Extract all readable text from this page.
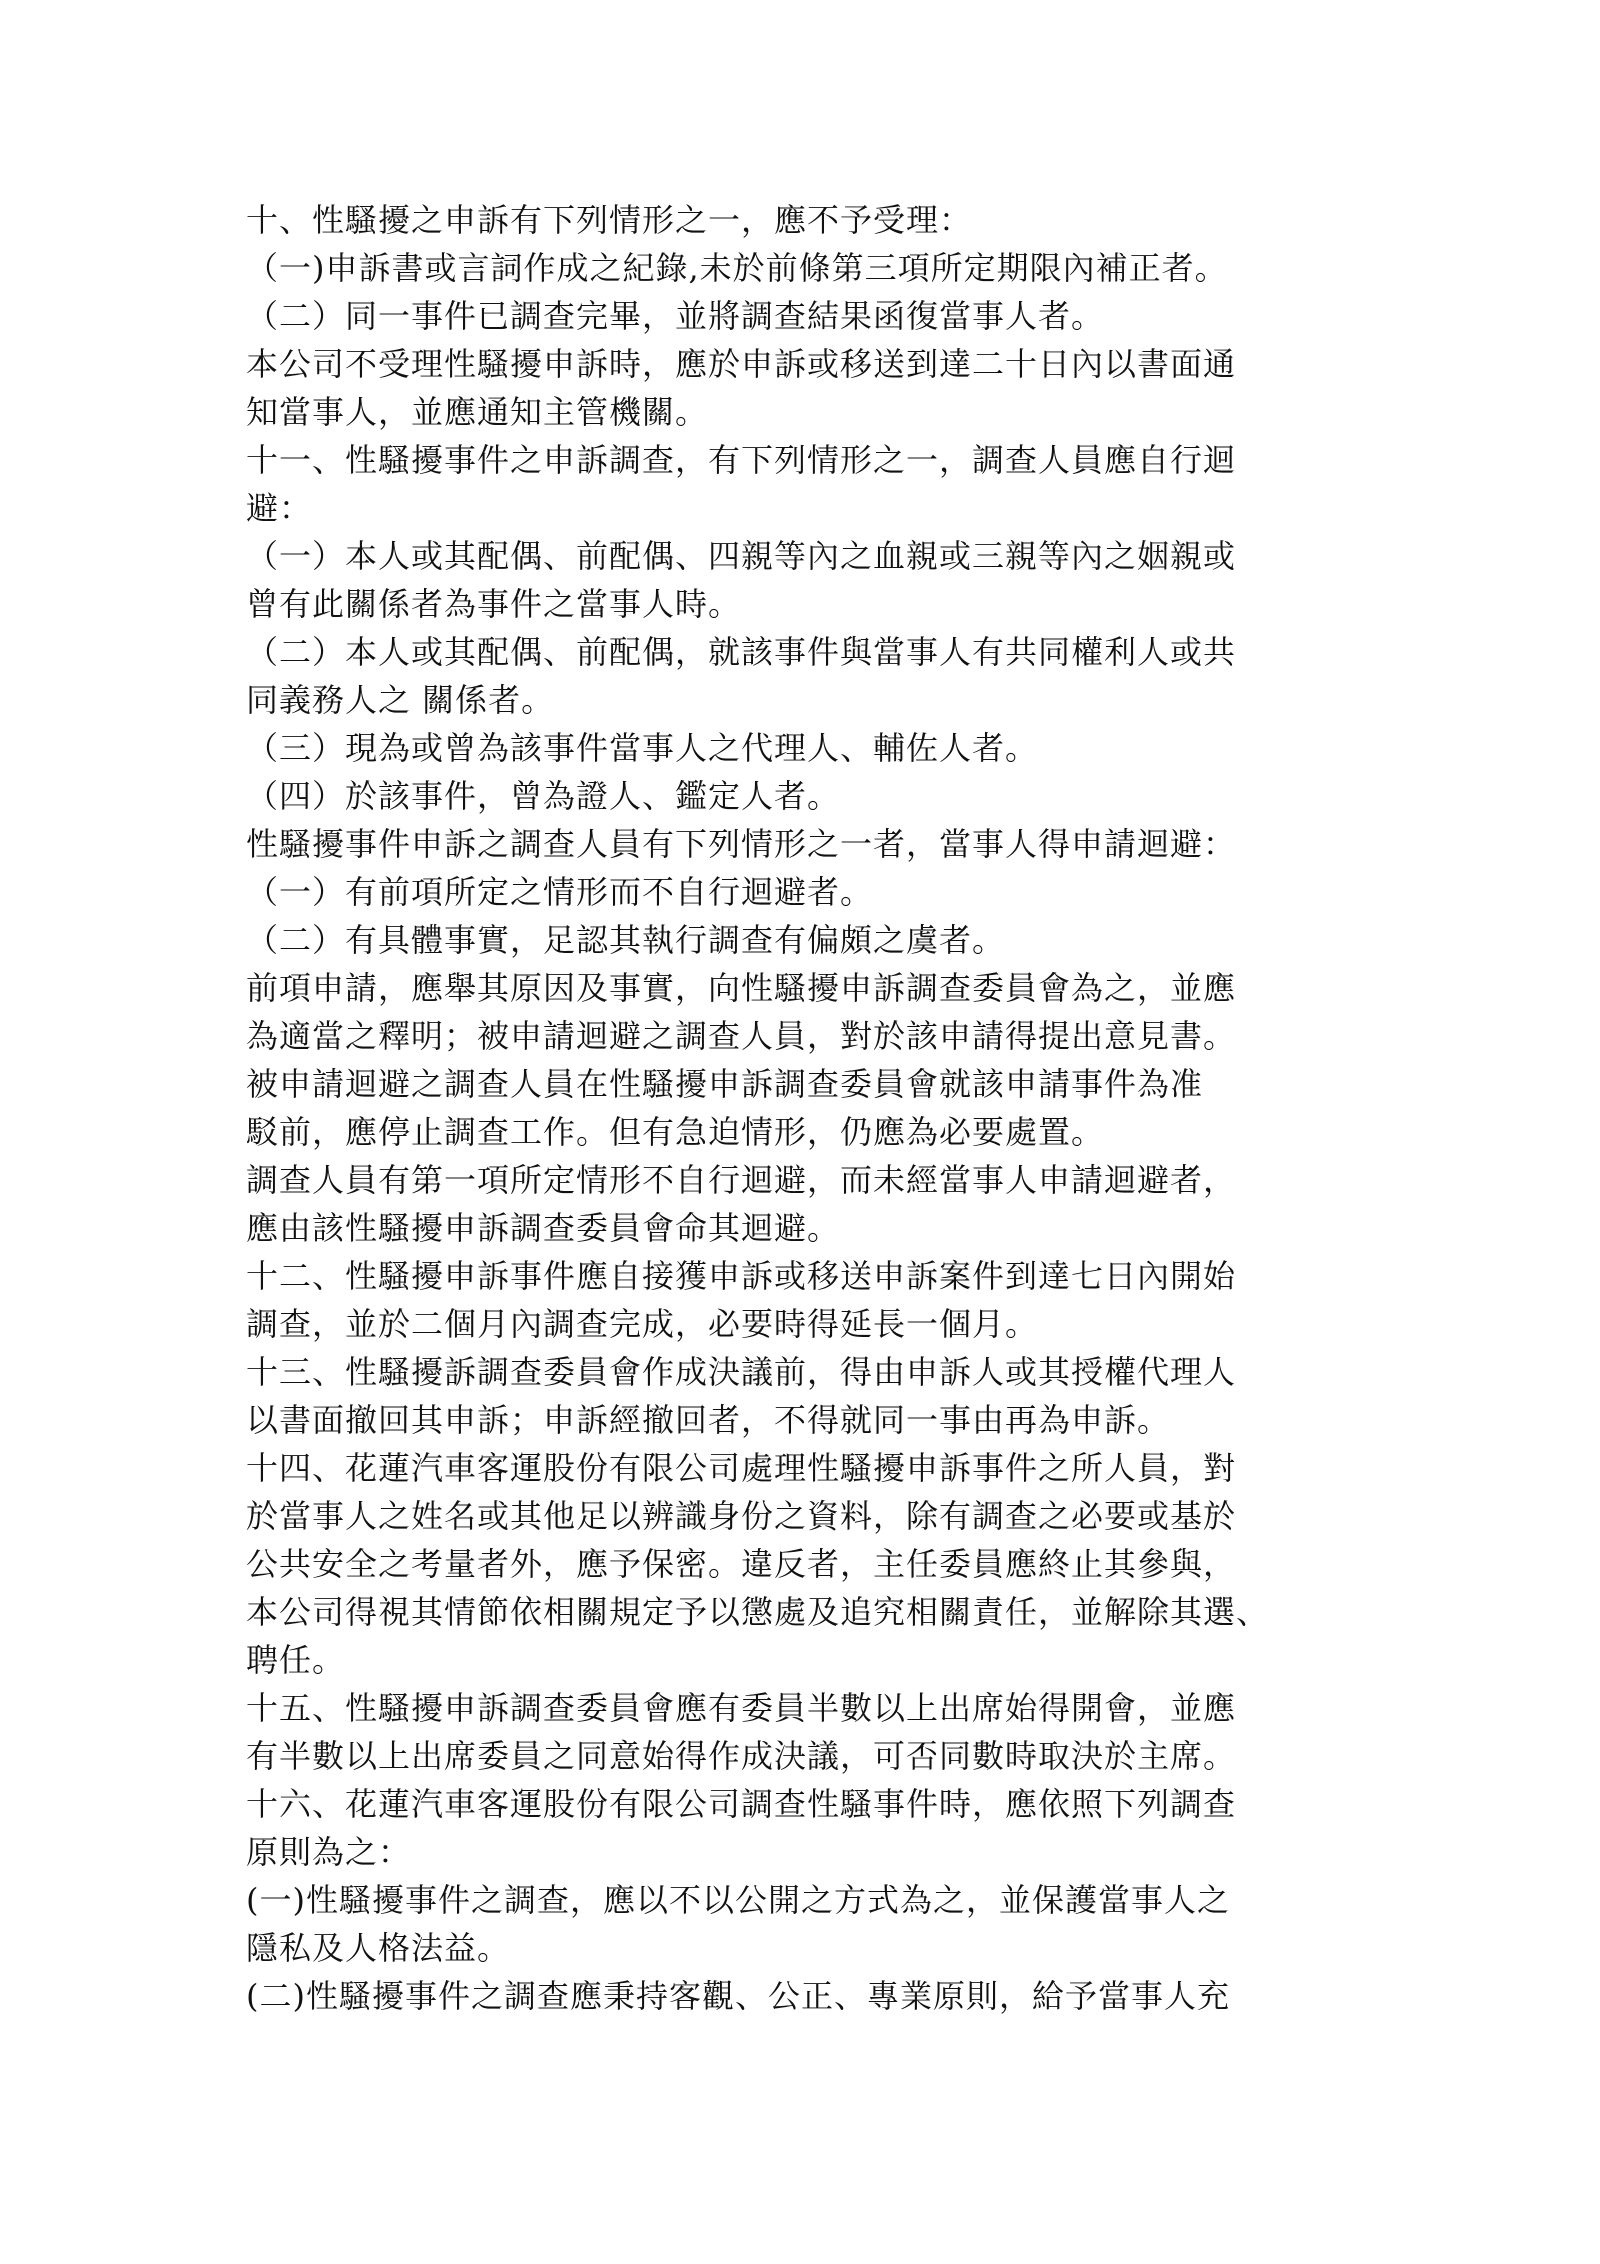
十、性騷擾之申訴有下列情形之一，應不予受理：
（一)申訴書或言詞作成之紀錄,未於前條第三項所定期限內補正者。
（二）同一事件已調查完畢，並將調查結果函復當事人者。
本公司不受理性騷擾申訴時，應於申訴或移送到達二十日內以書面通
知當事人，並應通知主管機關。
十一、性騷擾事件之申訴調查，有下列情形之一，調查人員應自行迴
避：
（一）本人或其配偶、前配偶、四親等內之血親或三親等內之姻親或
曾有此關係者為事件之當事人時。
（二）本人或其配偶、前配偶，就該事件與當事人有共同權利人或共
同義務人之 關係者。
（三）現為或曾為該事件當事人之代理人、輔佐人者。
（四）於該事件，曾為證人、鑑定人者。
性騷擾事件申訴之調查人員有下列情形之一者，當事人得申請迴避：
（一）有前項所定之情形而不自行迴避者。
（二）有具體事實，足認其執行調查有偏頗之虞者。
前項申請，應舉其原因及事實，向性騷擾申訴調查委員會為之，並應
為適當之釋明；被申請迴避之調查人員，對於該申請得提出意見書。
被申請迴避之調查人員在性騷擾申訴調查委員會就該申請事件為准
駁前，應停止調查工作。但有急迫情形，仍應為必要處置。
調查人員有第一項所定情形不自行迴避，而未經當事人申請迴避者，
應由該性騷擾申訴調查委員會命其迴避。
十二、性騷擾申訴事件應自接獲申訴或移送申訴案件到達七日內開始
調查，並於二個月內調查完成，必要時得延長一個月。
十三、性騷擾訴調查委員會作成決議前，得由申訴人或其授權代理人
以書面撤回其申訴；申訴經撤回者，不得就同一事由再為申訴。
十四、花蓮汽車客運股份有限公司處理性騷擾申訴事件之所人員，對
於當事人之姓名或其他足以辨識身份之資料，除有調查之必要或基於
公共安全之考量者外，應予保密。違反者，主任委員應終止其參與，
本公司得視其情節依相關規定予以懲處及追究相關責任，並解除其選、
聘任。
十五、性騷擾申訴調查委員會應有委員半數以上出席始得開會，並應
有半數以上出席委員之同意始得作成決議，可否同數時取決於主席。
十六、花蓮汽車客運股份有限公司調查性騷事件時，應依照下列調查
原則為之：
(一)性騷擾事件之調查，應以不以公開之方式為之，並保護當事人之
隱私及人格法益。
(二)性騷擾事件之調查應秉持客觀、公正、專業原則，給予當事人充
